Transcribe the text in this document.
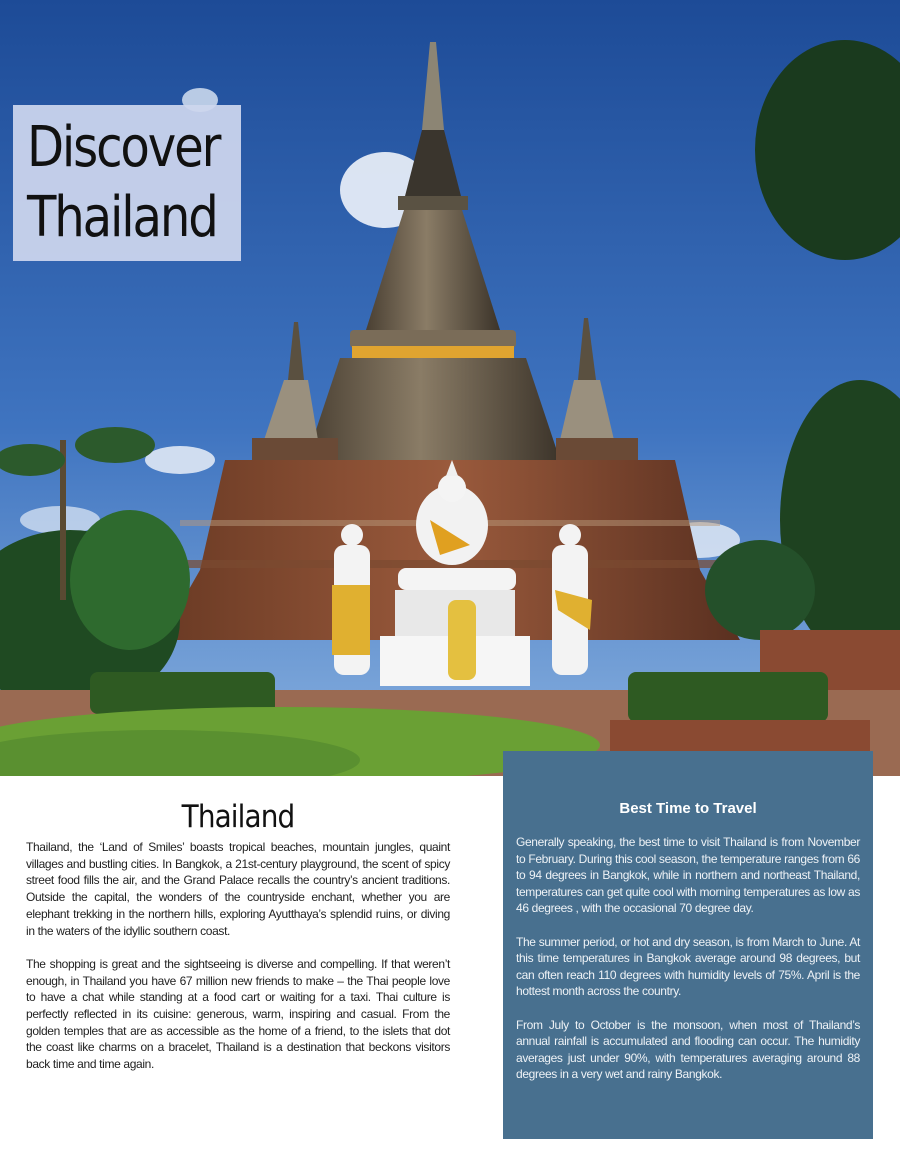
Discover
Thailand
Thailand

Thailand, the ‘Land of Smiles’ boasts tropical beaches, mountain jungles, quaint villages and bustling cities. In Bangkok, a 21st-century playground, the scent of spicy street food fills the air, and the Grand Palace recalls the country’s ancient traditions. Outside the capital, the wonders of the countryside enchant, whether you are elephant trekking in the northern hills, exploring Ayutthaya’s splendid ruins, or diving in the waters of the idyllic southern coast.

The shopping is great and the sightseeing is diverse and compelling. If that weren’t enough, in Thailand you have 67 million new friends to make – the Thai people love to have a chat while standing at a food cart or waiting for a taxi. Thai culture is perfectly reflected in its cuisine: generous, warm, inspiring and casual. From the golden temples that are as accessible as the home of a friend, to the islets that dot the coast like charms on a bracelet, Thailand is a destination that beckons visitors back time and time again.

Best Time to Travel

Generally speaking, the best time to visit Thailand is from November to February. During this cool season, the temperature ranges from 66 to 94 degrees in Bangkok, while in northern and northeast Thailand, temperatures can get quite cool with morning temperatures as low as 46 degrees , with the occasional 70 degree day.

The summer period, or hot and dry season, is from March to June. At this time temperatures in Bangkok average around 98 degrees, but can often reach 110 degrees with humidity levels of 75%. April is the hottest month across the country.

From July to October is the monsoon, when most of Thailand’s annual rainfall is accumulated and flooding can occur. The humidity averages just under 90%, with temperatures averaging around 88 degrees in a very wet and rainy Bangkok.
